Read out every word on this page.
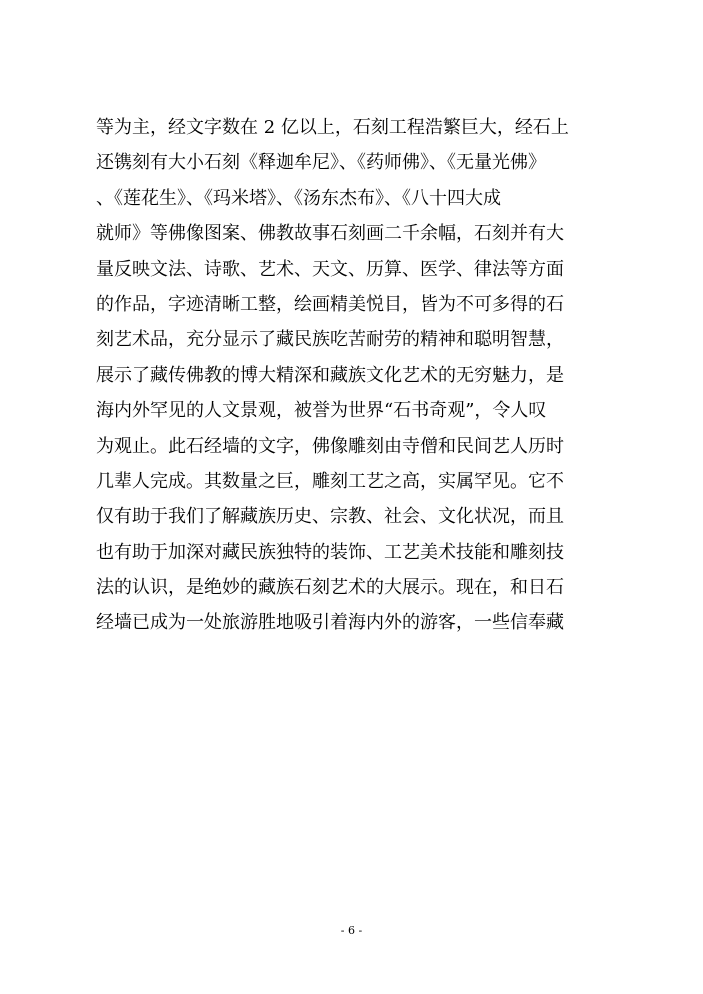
等为主，经文字数在 2 亿以上，石刻工程浩繁巨大，经石上
还镌刻有大小石刻《释迦牟尼》、《药师佛》、《无量光佛》
、《莲花生》、《玛米塔》、《汤东杰布》、《八十四大成
就师》等佛像图案、佛教故事石刻画二千余幅，石刻并有大
量反映文法、诗歌、艺术、天文、历算、医学、律法等方面
的作品，字迹清晰工整，绘画精美悦目，皆为不可多得的石
刻艺术品，充分显示了藏民族吃苦耐劳的精神和聪明智慧，
展示了藏传佛教的博大精深和藏族文化艺术的无穷魅力，是
海内外罕见的人文景观，被誉为世界“石书奇观”，令人叹
为观止。此石经墙的文字，佛像雕刻由寺僧和民间艺人历时
几辈人完成。其数量之巨，雕刻工艺之高，实属罕见。它不
仅有助于我们了解藏族历史、宗教、社会、文化状况，而且
也有助于加深对藏民族独特的装饰、工艺美术技能和雕刻技
法的认识，是绝妙的藏族石刻艺术的大展示。现在，和日石
经墙已成为一处旅游胜地吸引着海内外的游客，一些信奉藏
- 6 -
